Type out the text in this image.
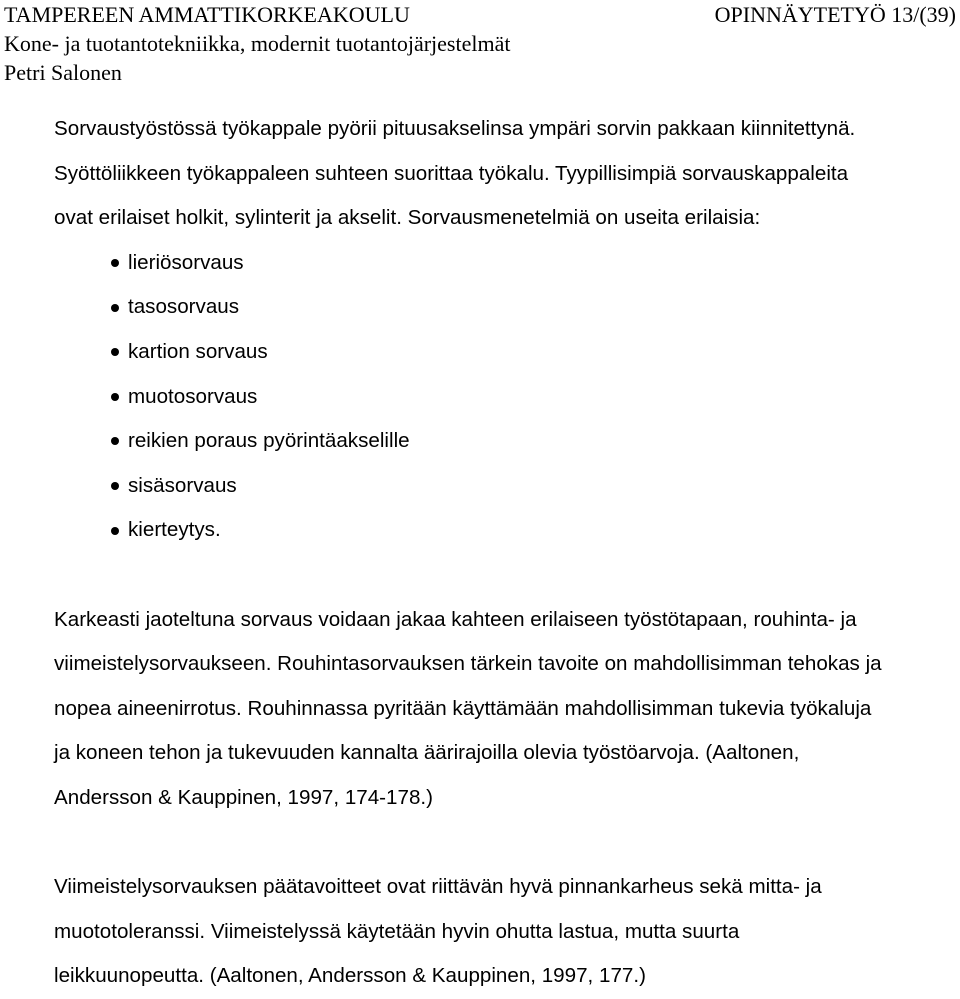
TAMPEREEN AMMATTIKORKEAKOULU	OPINNÄYTETYÖ 13/(39)
Kone- ja tuotantotekniikka, modernit tuotantojärjestelmät
Petri Salonen

Sorvaustyöstössä työkappale pyörii pituusakselinsa ympäri sorvin pakkaan kiinnitettynä.
Syöttöliikkeen työkappaleen suhteen suorittaa työkalu. Tyypillisimpiä sorvauskappaleita
ovat erilaiset holkit, sylinterit ja akselit. Sorvausmenetelmiä on useita erilaisia:

lieriösorvaus
tasosorvaus
kartion sorvaus
muotosorvaus
reikien poraus pyörintäakselille
sisäsorvaus
kierteytys.

Karkeasti jaoteltuna sorvaus voidaan jakaa kahteen erilaiseen työstötapaan, rouhinta- ja
viimeistelysorvaukseen. Rouhintasorvauksen tärkein tavoite on mahdollisimman tehokas ja
nopea aineenirrotus. Rouhinnassa pyritään käyttämään mahdollisimman tukevia työkaluja
ja koneen tehon ja tukevuuden kannalta äärirajoilla olevia työstöarvoja. (Aaltonen,
Andersson & Kauppinen, 1997, 174-178.)

Viimeistelysorvauksen päätavoitteet ovat riittävän hyvä pinnankarheus sekä mitta- ja
muototoleranssi. Viimeistelyssä käytetään hyvin ohutta lastua, mutta suurta
leikkuunopeutta. (Aaltonen, Andersson & Kauppinen, 1997, 177.)
